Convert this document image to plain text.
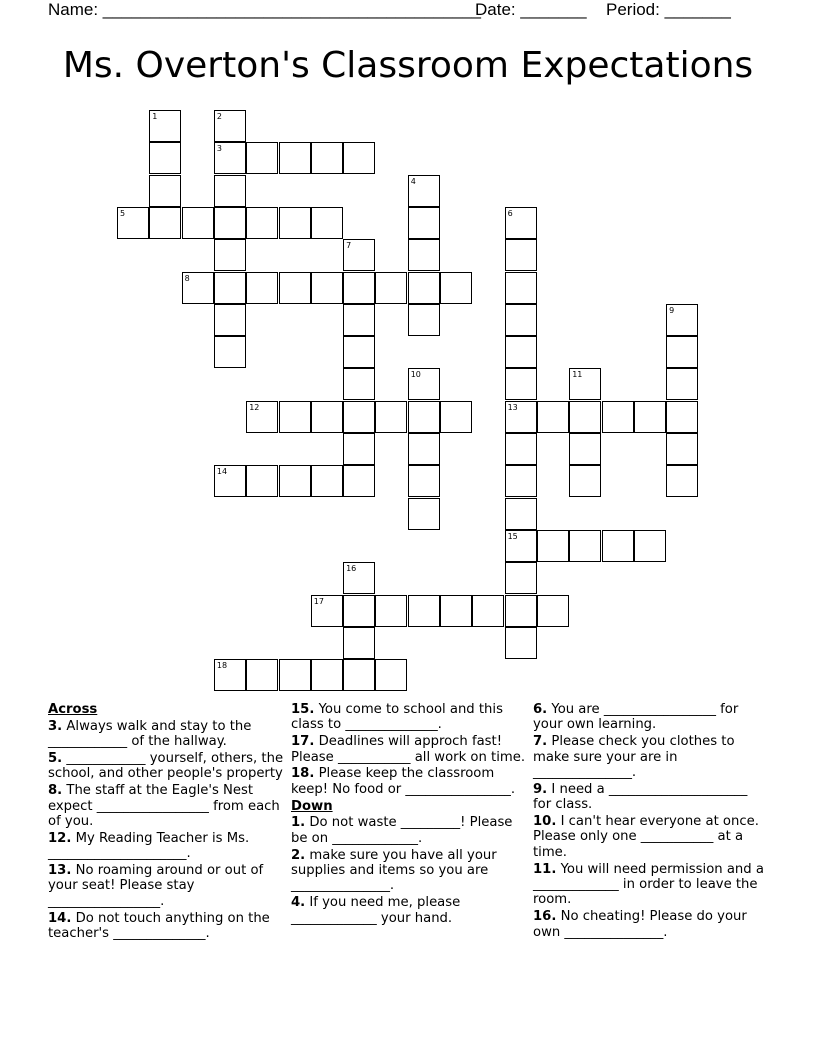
Name: ________________________________________

Date: _______

Period: _______

Ms. Overton's Classroom Expectations
1	2
3
4
5	6
13
15
7
8
9
10	11
12
14
16
17
18

Across

3. Always walk and stay to the ____________ of the hallway.

5. ____________ yourself, others, the school, and other people's property

8. The staff at the Eagle's Nest expect _________________ from each of you.

12. My Reading Teacher is Ms. _____________________.

13. No roaming around or out of your seat! Please stay _________________.

14. Do not touch anything on the teacher's ______________.

15. You come to school and this class to ______________.

17. Deadlines will approch fast! Please ___________ all work on time.

18. Please keep the classroom keep! No food or ________________.

Down

1. Do not waste _________! Please be on _____________.

2. make sure you have all your supplies and items so you are _______________.

4. If you need me, please _____________ your hand.

6. You are _________________ for your own learning.

7. Please check you clothes to make sure your are in _______________.

9. I need a _____________________ for class.

10. I can't hear everyone at once. Please only one ___________ at a time.

11. You will need permission and a _____________ in order to leave the room.

16. No cheating! Please do your own _______________.
